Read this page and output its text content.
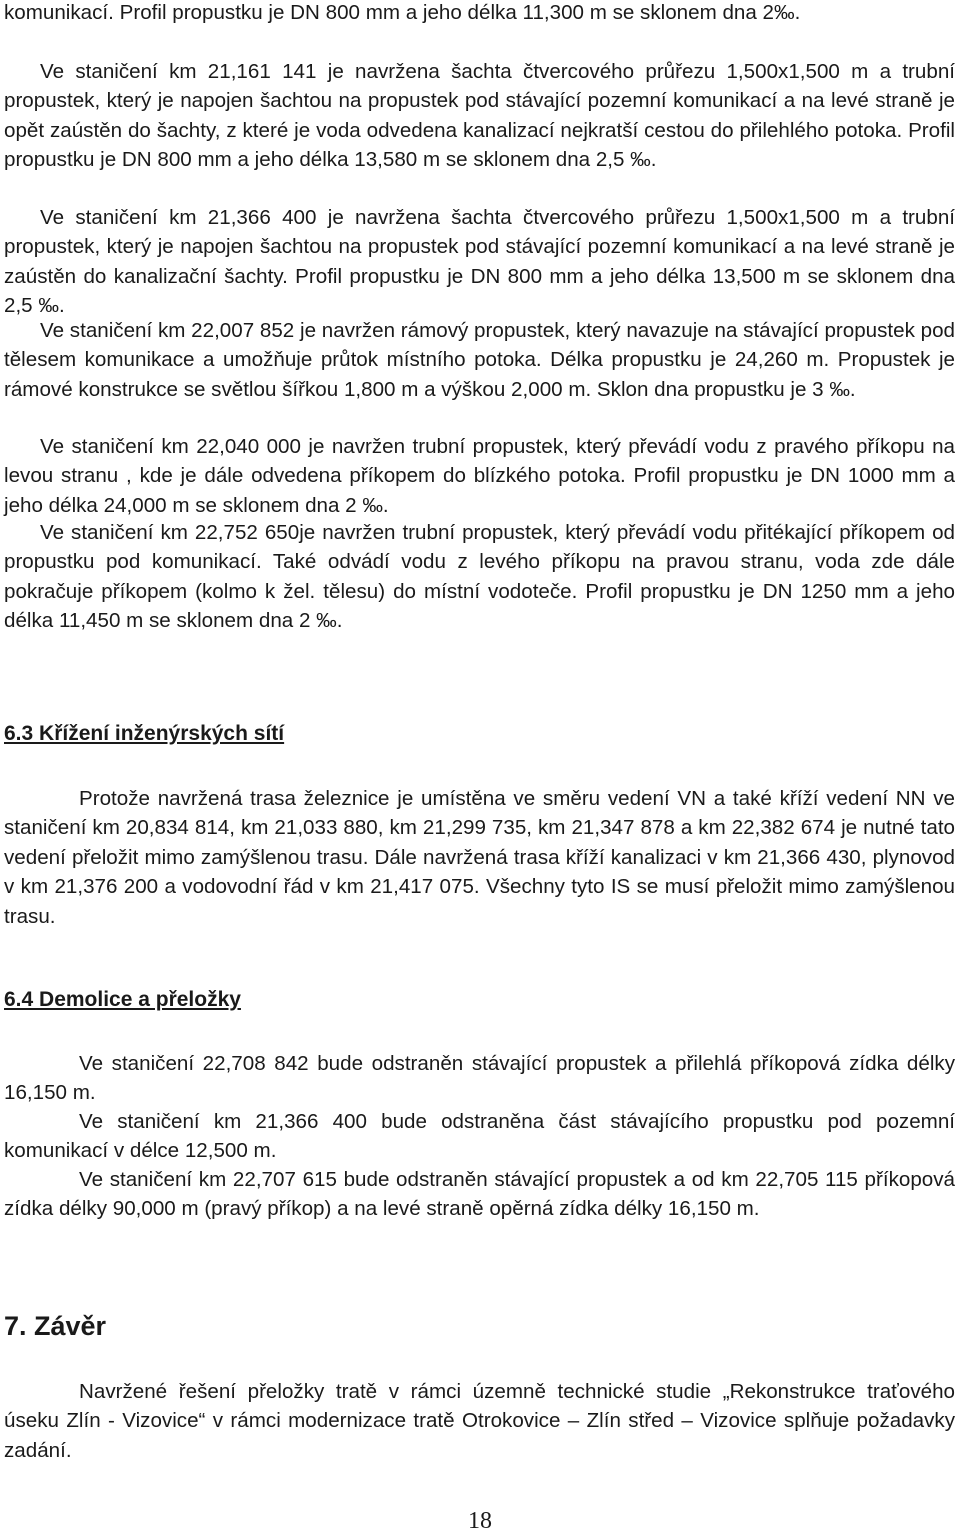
komunikací. Profil propustku je DN 800 mm a jeho délka 11,300 m se sklonem dna 2‰.

Ve staničení km 21,161 141 je navržena šachta čtvercového průřezu 1,500x1,500 m a trubní propustek, který je napojen šachtou na propustek pod stávající pozemní komunikací a na levé straně je opět zaústěn do šachty, z které je voda odvedena kanalizací nejkratší cestou do přilehlého potoka. Profil propustku je DN 800 mm a jeho délka 13,580 m se sklonem dna 2,5 ‰.

Ve staničení km 21,366 400 je navržena šachta čtvercového průřezu 1,500x1,500 m a trubní propustek, který je napojen šachtou na propustek pod stávající pozemní komunikací a na levé straně je zaústěn do kanalizační šachty. Profil propustku je DN 800 mm a jeho délka 13,500 m se sklonem dna 2,5 ‰.

Ve staničení km 22,007 852 je navržen rámový propustek, který navazuje na stávající propustek pod tělesem komunikace a umožňuje průtok místního potoka. Délka propustku je 24,260 m. Propustek je rámové konstrukce se světlou šířkou 1,800 m a výškou 2,000 m. Sklon dna propustku je 3 ‰.

Ve staničení km 22,040 000 je navržen trubní propustek, který převádí vodu z pravého příkopu na levou stranu , kde je dále odvedena příkopem do blízkého potoka. Profil propustku je DN 1000 mm a jeho délka 24,000 m se sklonem dna 2 ‰.

Ve staničení km 22,752 650je navržen trubní propustek, který převádí vodu přitékající příkopem od propustku pod komunikací. Také odvádí vodu z levého příkopu na pravou stranu, voda zde dále pokračuje příkopem (kolmo k žel. tělesu) do místní vodoteče. Profil propustku je DN 1250 mm a jeho délka 11,450 m se sklonem dna 2 ‰.

6.3 Křížení inženýrských sítí

Protože navržená trasa železnice je umístěna ve směru vedení VN a také kříží vedení NN ve staničení km 20,834 814, km 21,033 880, km 21,299 735, km 21,347 878 a km 22,382 674 je nutné tato vedení přeložit mimo zamýšlenou trasu. Dále navržená trasa kříží kanalizaci v km 21,366 430, plynovod v km 21,376 200 a vodovodní řád v km 21,417 075. Všechny tyto IS se musí přeložit mimo zamýšlenou trasu.

6.4 Demolice a přeložky

Ve staničení 22,708 842 bude odstraněn stávající propustek a přilehlá příkopová zídka délky 16,150 m.

Ve staničení km 21,366 400 bude odstraněna část stávajícího propustku pod pozemní komunikací v délce 12,500 m.

Ve staničení km 22,707 615 bude odstraněn stávající propustek a od km 22,705 115 příkopová zídka délky 90,000 m (pravý příkop) a na levé straně opěrná zídka délky 16,150 m.

7. Závěr

Navržené řešení přeložky tratě v rámci územně technické studie „Rekonstrukce traťového úseku Zlín - Vizovice“ v rámci modernizace tratě Otrokovice – Zlín střed – Vizovice splňuje požadavky zadání.

18
